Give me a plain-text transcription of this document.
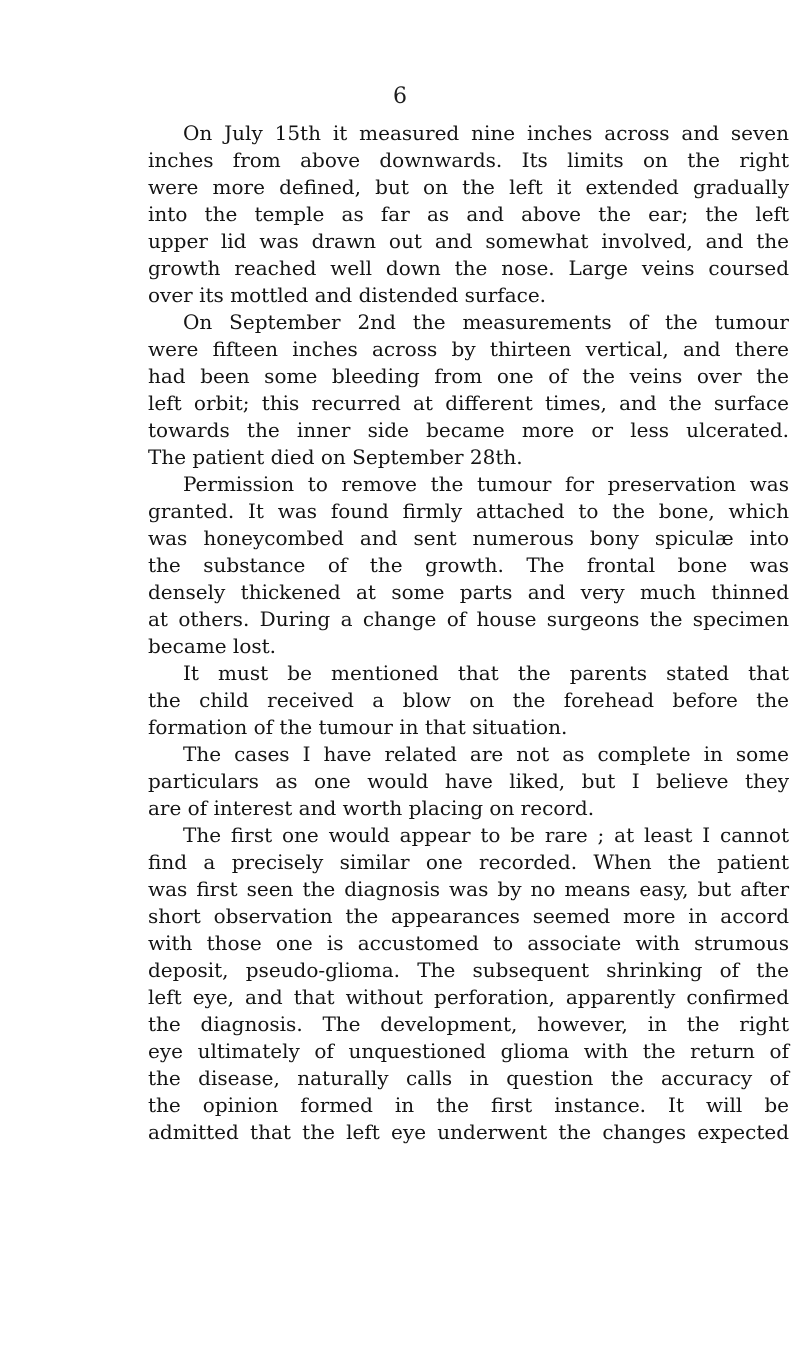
6
On July 15th it measured nine inches across and seven
inches from above downwards. Its limits on the right
were more defined, but on the left it extended gradually
into the temple as far as and above the ear; the left
upper lid was drawn out and somewhat involved, and the
growth reached well down the nose. Large veins coursed
over its mottled and distended surface.
On September 2nd the measurements of the tumour
were fifteen inches across by thirteen vertical, and there
had been some bleeding from one of the veins over the
left orbit; this recurred at different times, and the surface
towards the inner side became more or less ulcerated.
The patient died on September 28th.
Permission to remove the tumour for preservation was
granted. It was found firmly attached to the bone, which
was honeycombed and sent numerous bony spiculæ into
the substance of the growth. The frontal bone was
densely thickened at some parts and very much thinned
at others. During a change of house surgeons the specimen
became lost.
It must be mentioned that the parents stated that
the child received a blow on the forehead before the
formation of the tumour in that situation.
The cases I have related are not as complete in some
particulars as one would have liked, but I believe they
are of interest and worth placing on record.
The first one would appear to be rare ; at least I cannot
find a precisely similar one recorded. When the patient
was first seen the diagnosis was by no means easy, but after
short observation the appearances seemed more in accord
with those one is accustomed to associate with strumous
deposit, pseudo-glioma. The subsequent shrinking of the
left eye, and that without perforation, apparently confirmed
the diagnosis. The development, however, in the right
eye ultimately of unquestioned glioma with the return of
the disease, naturally calls in question the accuracy of
the opinion formed in the first instance. It will be
admitted that the left eye underwent the changes expected
